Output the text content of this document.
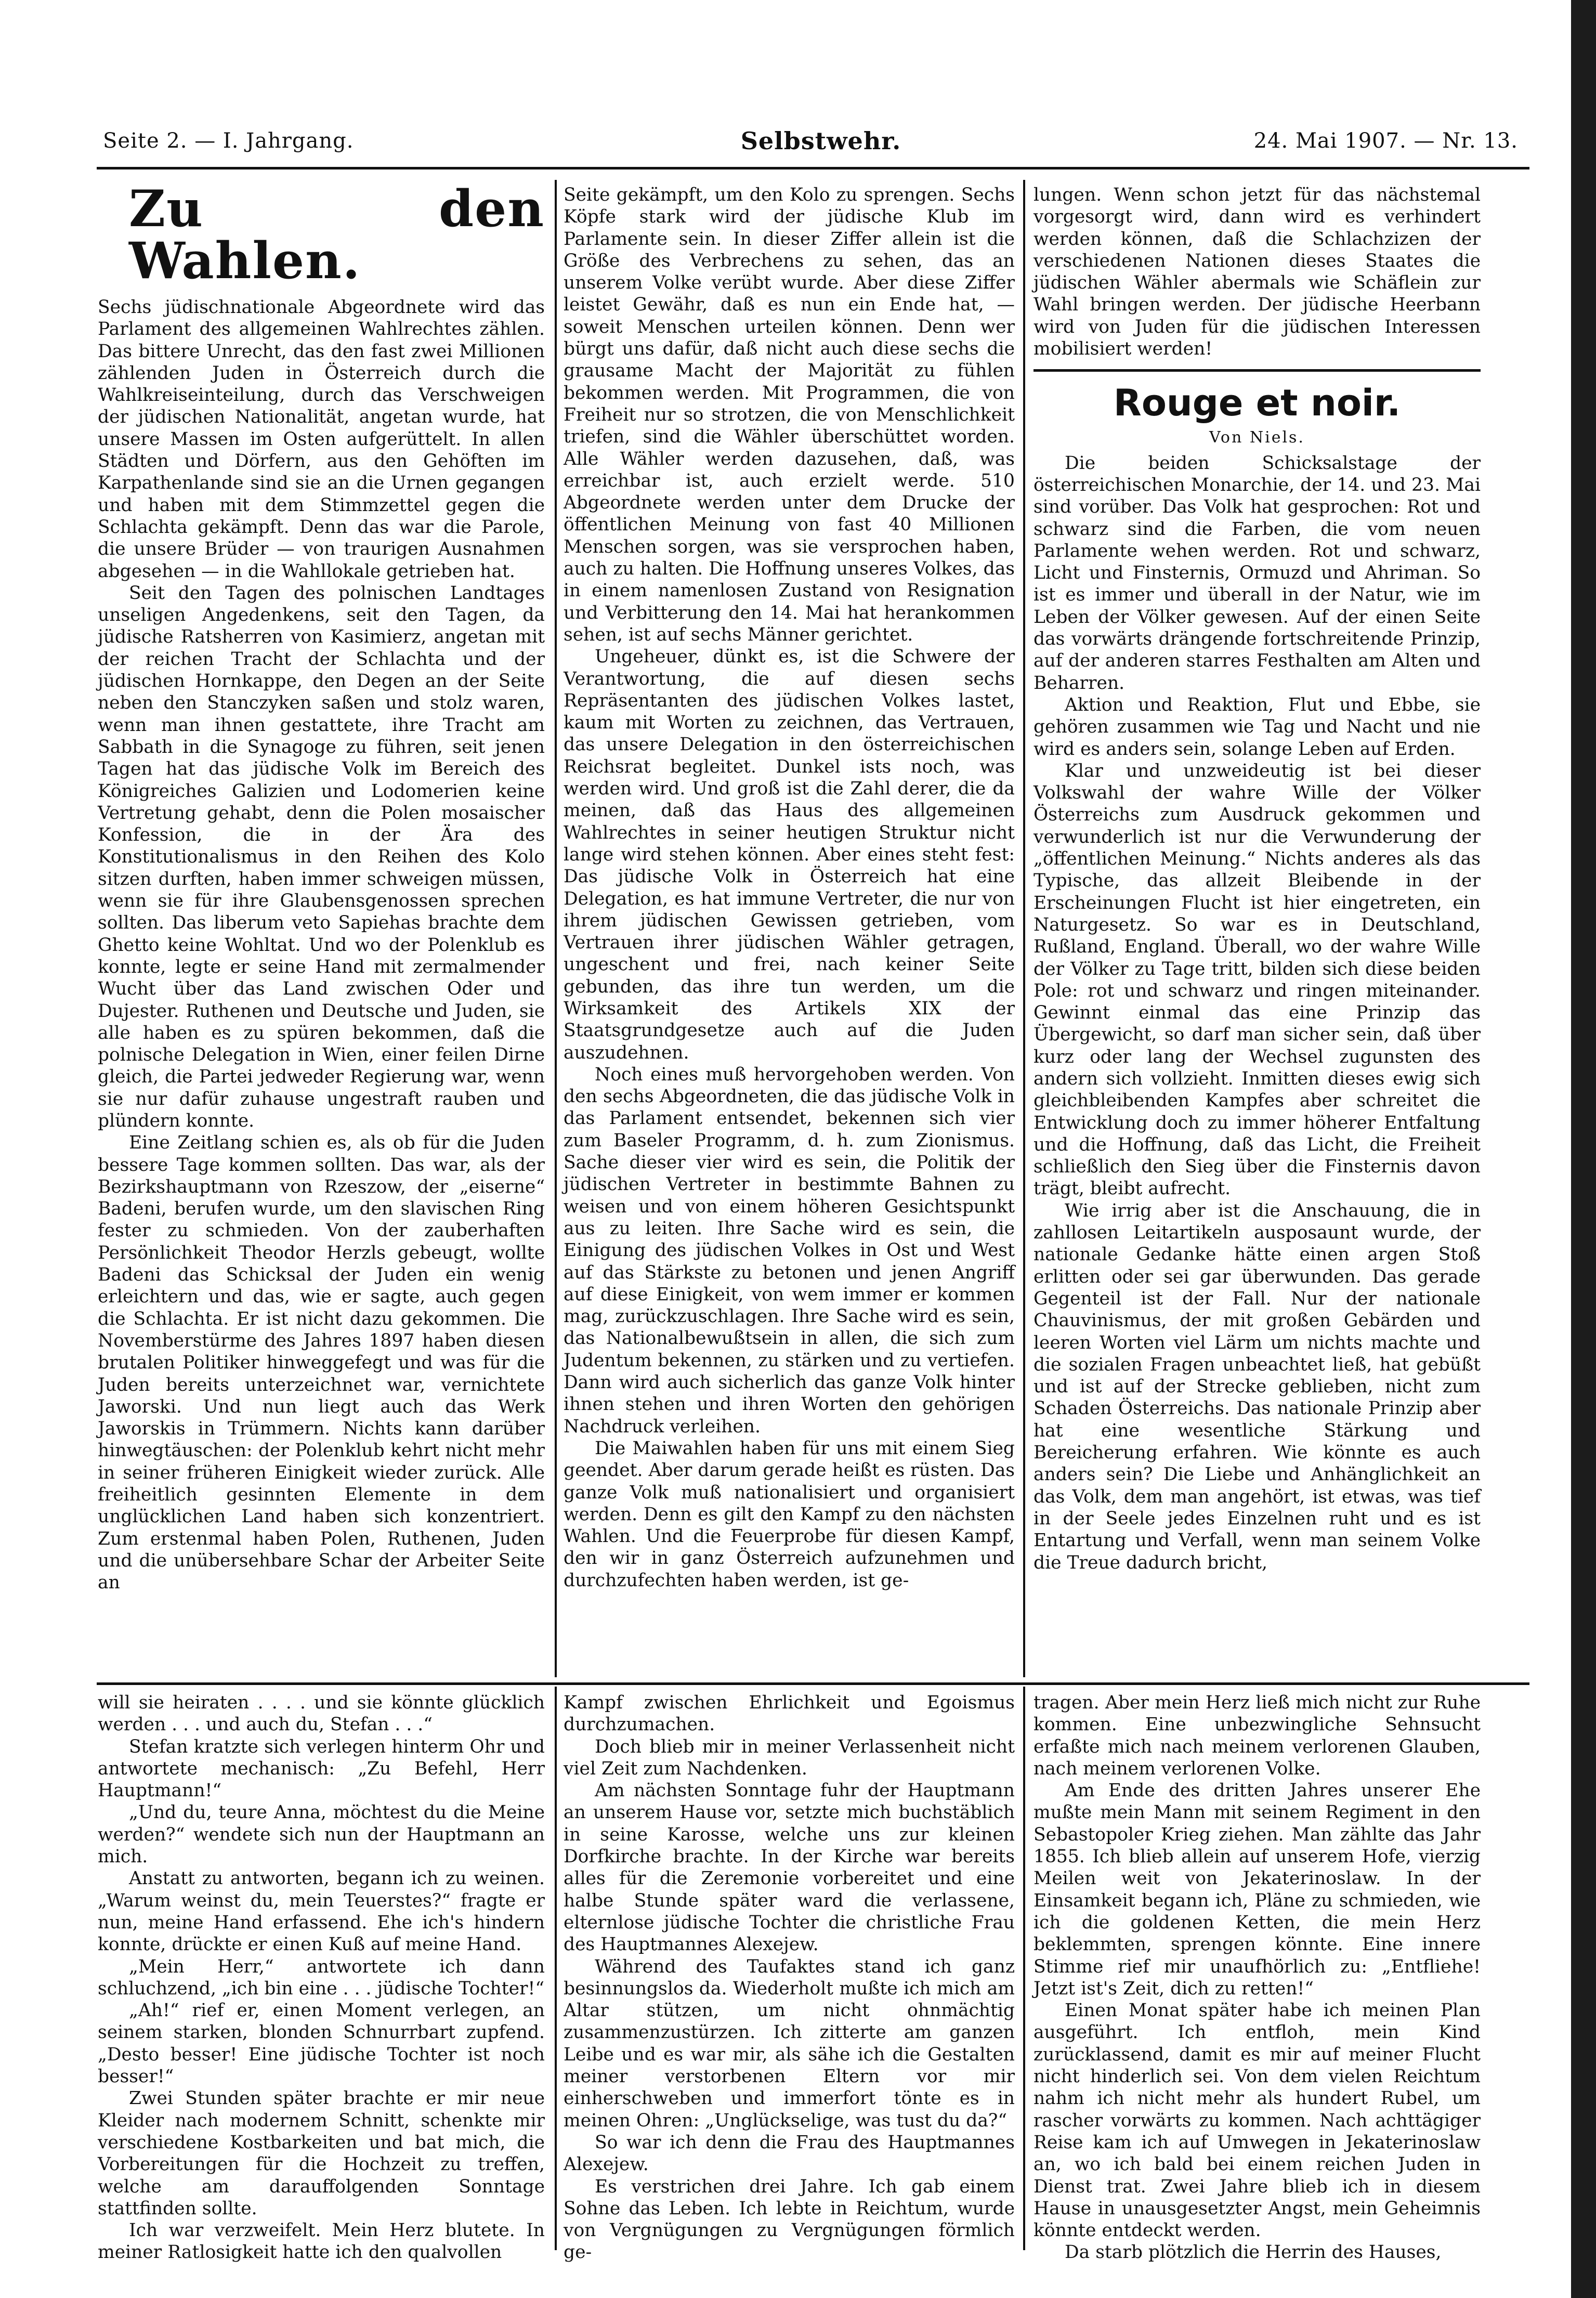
Seite 2. — I. Jahrgang.	Selbstwehr.	24. Mai 1907. — Nr. 13.
Zu den Wahlen.

Sechs jüdischnationale Abgeordnete wird das Parlament des allgemeinen Wahlrechtes zählen. Das bittere Unrecht, das den fast zwei Millionen zählenden Juden in Österreich durch die Wahlkreiseinteilung, durch das Verschweigen der jüdischen Nationalität, angetan wurde, hat unsere Massen im Osten aufgerüttelt. In allen Städten und Dörfern, aus den Gehöften im Karpathenlande sind sie an die Urnen gegangen und haben mit dem Stimmzettel gegen die Schlachta gekämpft. Denn das war die Parole, die unsere Brüder — von traurigen Ausnahmen abgesehen — in die Wahllokale getrieben hat.

Seit den Tagen des polnischen Landtages unseligen Angedenkens, seit den Tagen, da jüdische Ratsherren von Kasimierz, angetan mit der reichen Tracht der Schlachta und der jüdischen Hornkappe, den Degen an der Seite neben den Stanczyken saßen und stolz waren, wenn man ihnen gestattete, ihre Tracht am Sabbath in die Synagoge zu führen, seit jenen Tagen hat das jüdische Volk im Bereich des Königreiches Galizien und Lodomerien keine Vertretung gehabt, denn die Polen mosaischer Konfession, die in der Ära des Konstitutionalismus in den Reihen des Kolo sitzen durften, haben immer schweigen müssen, wenn sie für ihre Glaubensgenossen sprechen sollten. Das liberum veto Sapiehas brachte dem Ghetto keine Wohltat. Und wo der Polenklub es konnte, legte er seine Hand mit zermalmender Wucht über das Land zwischen Oder und Dujester. Ruthenen und Deutsche und Juden, sie alle haben es zu spüren bekommen, daß die polnische Delegation in Wien, einer feilen Dirne gleich, die Partei jedweder Regierung war, wenn sie nur dafür zuhause ungestraft rauben und plündern konnte.

Eine Zeitlang schien es, als ob für die Juden bessere Tage kommen sollten. Das war, als der Bezirkshauptmann von Rzeszow, der „eiserne“ Badeni, berufen wurde, um den slavischen Ring fester zu schmieden. Von der zauberhaften Persönlichkeit Theodor Herzls gebeugt, wollte Badeni das Schicksal der Juden ein wenig erleichtern und das, wie er sagte, auch gegen die Schlachta. Er ist nicht dazu gekommen. Die Novemberstürme des Jahres 1897 haben diesen brutalen Politiker hinweggefegt und was für die Juden bereits unterzeichnet war, vernichtete Jaworski. Und nun liegt auch das Werk Jaworskis in Trümmern. Nichts kann darüber hinwegtäuschen: der Polenklub kehrt nicht mehr in seiner früheren Einigkeit wieder zurück. Alle freiheitlich gesinnten Elemente in dem unglücklichen Land haben sich konzentriert. Zum erstenmal haben Polen, Ruthenen, Juden und die unübersehbare Schar der Arbeiter Seite an

Seite gekämpft, um den Kolo zu sprengen. Sechs Köpfe stark wird der jüdische Klub im Parlamente sein. In dieser Ziffer allein ist die Größe des Verbrechens zu sehen, das an unserem Volke verübt wurde. Aber diese Ziffer leistet Gewähr, daß es nun ein Ende hat, — soweit Menschen urteilen können. Denn wer bürgt uns dafür, daß nicht auch diese sechs die grausame Macht der Majorität zu fühlen bekommen werden. Mit Programmen, die von Freiheit nur so strotzen, die von Menschlichkeit triefen, sind die Wähler überschüttet worden. Alle Wähler werden dazusehen, daß, was erreichbar ist, auch erzielt werde. 510 Abgeordnete werden unter dem Drucke der öffentlichen Meinung von fast 40 Millionen Menschen sorgen, was sie versprochen haben, auch zu halten. Die Hoffnung unseres Volkes, das in einem namenlosen Zustand von Resignation und Verbitterung den 14. Mai hat herankommen sehen, ist auf sechs Männer gerichtet.

Ungeheuer, dünkt es, ist die Schwere der Verantwortung, die auf diesen sechs Repräsentanten des jüdischen Volkes lastet, kaum mit Worten zu zeichnen, das Vertrauen, das unsere Delegation in den österreichischen Reichsrat begleitet. Dunkel ists noch, was werden wird. Und groß ist die Zahl derer, die da meinen, daß das Haus des allgemeinen Wahlrechtes in seiner heutigen Struktur nicht lange wird stehen können. Aber eines steht fest: Das jüdische Volk in Österreich hat eine Delegation, es hat immune Vertreter, die nur von ihrem jüdischen Gewissen getrieben, vom Vertrauen ihrer jüdischen Wähler getragen, ungeschent und frei, nach keiner Seite gebunden, das ihre tun werden, um die Wirksamkeit des Artikels XIX der Staatsgrundgesetze auch auf die Juden auszudehnen.

Noch eines muß hervorgehoben werden. Von den sechs Abgeordneten, die das jüdische Volk in das Parlament entsendet, bekennen sich vier zum Baseler Programm, d. h. zum Zionismus. Sache dieser vier wird es sein, die Politik der jüdischen Vertreter in bestimmte Bahnen zu weisen und von einem höheren Gesichtspunkt aus zu leiten. Ihre Sache wird es sein, die Einigung des jüdischen Volkes in Ost und West auf das Stärkste zu betonen und jenen Angriff auf diese Einigkeit, von wem immer er kommen mag, zurückzuschlagen. Ihre Sache wird es sein, das Nationalbewußtsein in allen, die sich zum Judentum bekennen, zu stärken und zu vertiefen. Dann wird auch sicherlich das ganze Volk hinter ihnen stehen und ihren Worten den gehörigen Nachdruck verleihen.

Die Maiwahlen haben für uns mit einem Sieg geendet. Aber darum gerade heißt es rüsten. Das ganze Volk muß nationalisiert und organisiert werden. Denn es gilt den Kampf zu den nächsten Wahlen. Und die Feuerprobe für diesen Kampf, den wir in ganz Österreich aufzunehmen und durchzufechten haben werden, ist ge-

lungen. Wenn schon jetzt für das nächstemal vorgesorgt wird, dann wird es verhindert werden können, daß die Schlachzizen der verschiedenen Nationen dieses Staates die jüdischen Wähler abermals wie Schäflein zur Wahl bringen werden. Der jüdische Heerbann wird von Juden für die jüdischen Interessen mobilisiert werden!

Rouge et noir.
Von Niels.

Die beiden Schicksalstage der österreichischen Monarchie, der 14. und 23. Mai sind vorüber. Das Volk hat gesprochen: Rot und schwarz sind die Farben, die vom neuen Parlamente wehen werden. Rot und schwarz, Licht und Finsternis, Ormuzd und Ahriman. So ist es immer und überall in der Natur, wie im Leben der Völker gewesen. Auf der einen Seite das vorwärts drängende fortschreitende Prinzip, auf der anderen starres Festhalten am Alten und Beharren.

Aktion und Reaktion, Flut und Ebbe, sie gehören zusammen wie Tag und Nacht und nie wird es anders sein, solange Leben auf Erden.

Klar und unzweideutig ist bei dieser Volkswahl der wahre Wille der Völker Österreichs zum Ausdruck gekommen und verwunderlich ist nur die Verwunderung der „öffentlichen Meinung.“ Nichts anderes als das Typische, das allzeit Bleibende in der Erscheinungen Flucht ist hier eingetreten, ein Naturgesetz. So war es in Deutschland, Rußland, England. Überall, wo der wahre Wille der Völker zu Tage tritt, bilden sich diese beiden Pole: rot und schwarz und ringen miteinander. Gewinnt einmal das eine Prinzip das Übergewicht, so darf man sicher sein, daß über kurz oder lang der Wechsel zugunsten des andern sich vollzieht. Inmitten dieses ewig sich gleichbleibenden Kampfes aber schreitet die Entwicklung doch zu immer höherer Entfaltung und die Hoffnung, daß das Licht, die Freiheit schließlich den Sieg über die Finsternis davon trägt, bleibt aufrecht.

Wie irrig aber ist die Anschauung, die in zahllosen Leitartikeln ausposaunt wurde, der nationale Gedanke hätte einen argen Stoß erlitten oder sei gar überwunden. Das gerade Gegenteil ist der Fall. Nur der nationale Chauvinismus, der mit großen Gebärden und leeren Worten viel Lärm um nichts machte und die sozialen Fragen unbeachtet ließ, hat gebüßt und ist auf der Strecke geblieben, nicht zum Schaden Österreichs. Das nationale Prinzip aber hat eine wesentliche Stärkung und Bereicherung erfahren. Wie könnte es auch anders sein? Die Liebe und Anhänglichkeit an das Volk, dem man angehört, ist etwas, was tief in der Seele jedes Einzelnen ruht und es ist Entartung und Verfall, wenn man seinem Volke die Treue dadurch bricht,

will sie heiraten . . . . und sie könnte glücklich werden . . . und auch du, Stefan . . .“

Stefan kratzte sich verlegen hinterm Ohr und antwortete mechanisch: „Zu Befehl, Herr Hauptmann!“

„Und du, teure Anna, möchtest du die Meine werden?“ wendete sich nun der Hauptmann an mich.

Anstatt zu antworten, begann ich zu weinen. „Warum weinst du, mein Teuerstes?“ fragte er nun, meine Hand erfassend. Ehe ich's hindern konnte, drückte er einen Kuß auf meine Hand.

„Mein Herr,“ antwortete ich dann schluchzend, „ich bin eine . . . jüdische Tochter!“

„Ah!“ rief er, einen Moment verlegen, an seinem starken, blonden Schnurrbart zupfend. „Desto besser! Eine jüdische Tochter ist noch besser!“

Zwei Stunden später brachte er mir neue Kleider nach modernem Schnitt, schenkte mir verschiedene Kostbarkeiten und bat mich, die Vorbereitungen für die Hochzeit zu treffen, welche am darauffolgenden Sonntage stattfinden sollte.

Ich war verzweifelt. Mein Herz blutete. In meiner Ratlosigkeit hatte ich den qualvollen

Kampf zwischen Ehrlichkeit und Egoismus durchzumachen.

Doch blieb mir in meiner Verlassenheit nicht viel Zeit zum Nachdenken.

Am nächsten Sonntage fuhr der Hauptmann an unserem Hause vor, setzte mich buchstäblich in seine Karosse, welche uns zur kleinen Dorfkirche brachte. In der Kirche war bereits alles für die Zeremonie vorbereitet und eine halbe Stunde später ward die verlassene, elternlose jüdische Tochter die christliche Frau des Hauptmannes Alexejew.

Während des Taufaktes stand ich ganz besinnungslos da. Wiederholt mußte ich mich am Altar stützen, um nicht ohnmächtig zusammenzustürzen. Ich zitterte am ganzen Leibe und es war mir, als sähe ich die Gestalten meiner verstorbenen Eltern vor mir einherschweben und immerfort tönte es in meinen Ohren: „Unglückselige, was tust du da?“

So war ich denn die Frau des Hauptmannes Alexejew.

Es verstrichen drei Jahre. Ich gab einem Sohne das Leben. Ich lebte in Reichtum, wurde von Vergnügungen zu Vergnügungen förmlich ge-

tragen. Aber mein Herz ließ mich nicht zur Ruhe kommen. Eine unbezwingliche Sehnsucht erfaßte mich nach meinem verlorenen Glauben, nach meinem verlorenen Volke.

Am Ende des dritten Jahres unserer Ehe mußte mein Mann mit seinem Regiment in den Sebastopoler Krieg ziehen. Man zählte das Jahr 1855. Ich blieb allein auf unserem Hofe, vierzig Meilen weit von Jekaterinoslaw. In der Einsamkeit begann ich, Pläne zu schmieden, wie ich die goldenen Ketten, die mein Herz beklemmten, sprengen könnte. Eine innere Stimme rief mir unaufhörlich zu: „Entfliehe! Jetzt ist's Zeit, dich zu retten!“

Einen Monat später habe ich meinen Plan ausgeführt. Ich entfloh, mein Kind zurücklassend, damit es mir auf meiner Flucht nicht hinderlich sei. Von dem vielen Reichtum nahm ich nicht mehr als hundert Rubel, um rascher vorwärts zu kommen. Nach achttägiger Reise kam ich auf Umwegen in Jekaterinoslaw an, wo ich bald bei einem reichen Juden in Dienst trat. Zwei Jahre blieb ich in diesem Hause in unausgesetzter Angst, mein Geheimnis könnte entdeckt werden.

Da starb plötzlich die Herrin des Hauses,
